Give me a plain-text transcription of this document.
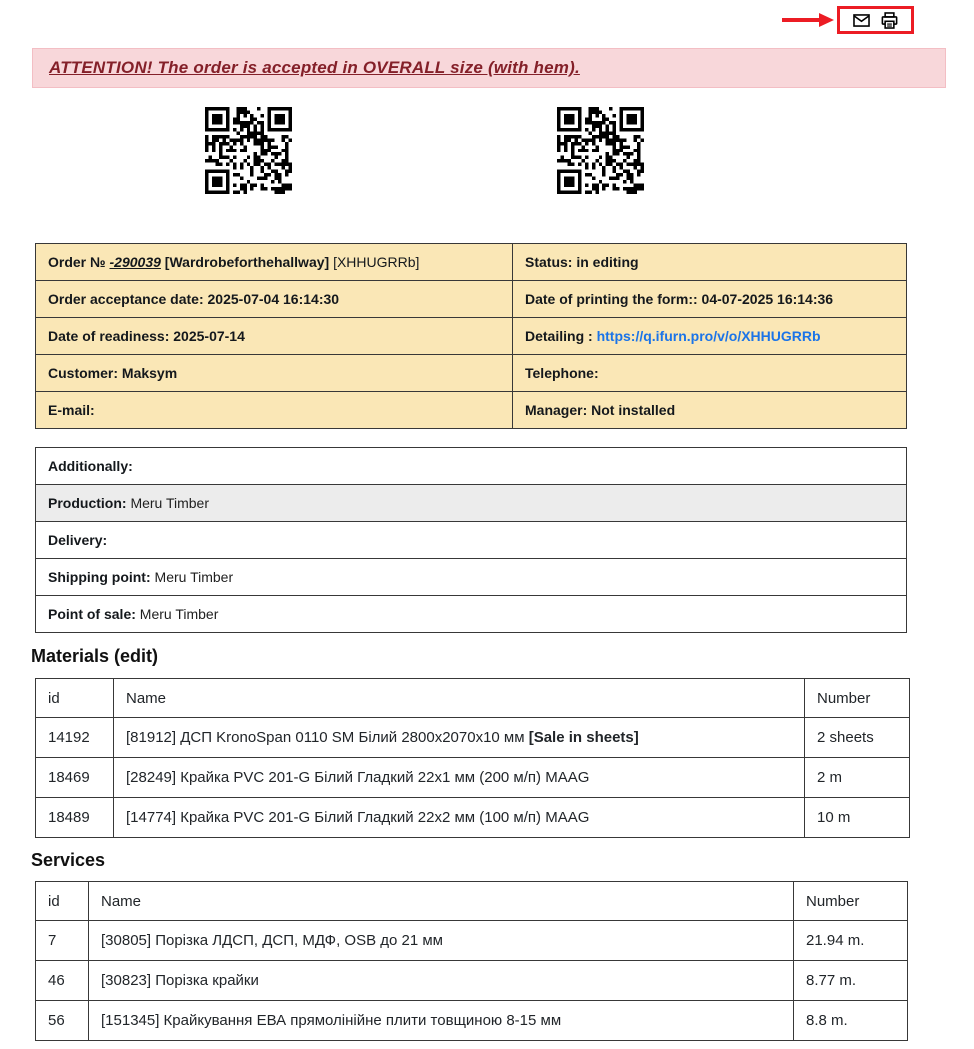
ATTENTION! The order is accepted in OVERALL size (with hem).
Order № -290039 [Wardrobeforthehallway] [XHHUGRRb]	Status: in editing
Order acceptance date: 2025-07-04 16:14:30	Date of printing the form:: 04-07-2025 16:14:36
Date of readiness: 2025-07-14	Detailing : https://q.ifurn.pro/v/o/XHHUGRRb
Customer: Maksym	Telephone:
E-mail:	Manager: Not installed
Additionally:
Production: Meru Timber
Delivery:
Shipping point: Meru Timber
Point of sale: Meru Timber
Materials (edit)
id	Name	Number
14192	[81912] ДСП KronoSpan 0110 SM Білий 2800x2070x10 мм [Sale in sheets]	2 sheets
18469	[28249] Крайка PVC 201-G Білий Гладкий 22x1 мм (200 м/п) MAAG	2 m
18489	[14774] Крайка PVC 201-G Білий Гладкий 22x2 мм (100 м/п) MAAG	10 m
Services
id	Name	Number
7	[30805] Порізка ЛДСП, ДСП, МДФ, OSB до 21 мм	21.94 m.
46	[30823] Порізка крайки	8.77 m.
56	[151345] Крайкування ЕВА прямолінійне плити товщиною 8-15 мм	8.8 m.
